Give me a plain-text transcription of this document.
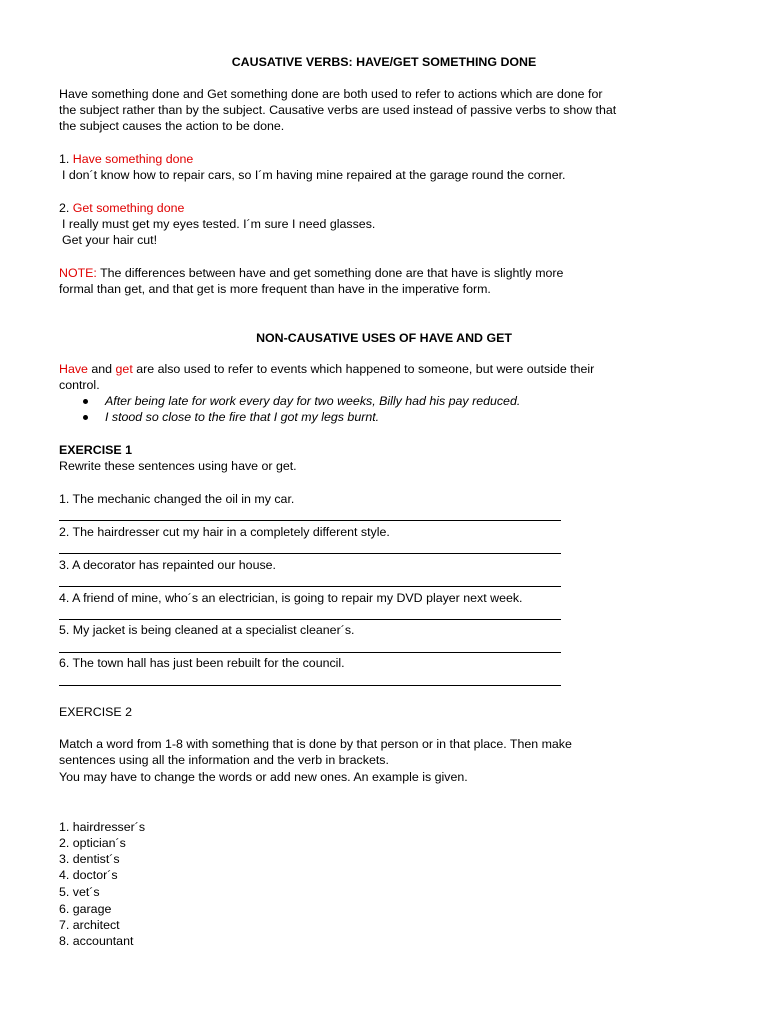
CAUSATIVE VERBS: HAVE/GET SOMETHING DONE
Have something done and Get something done are both used to refer to actions which are done for
the subject rather than by the subject. Causative verbs are used instead of passive verbs to show that
the subject causes the action to be done.
1. Have something done
I don´t know how to repair cars, so I´m having mine repaired at the garage round the corner.
2. Get something done
I really must get my eyes tested. I´m sure I need glasses.
Get your hair cut!
NOTE: The differences between have and get something done are that have is slightly more
formal than get, and that get is more frequent than have in the imperative form.
NON-CAUSATIVE USES OF HAVE AND GET
Have and get are also used to refer to events which happened to someone, but were outside their
control.
After being late for work every day for two weeks, Billy had his pay reduced.
I stood so close to the fire that I got my legs burnt.
EXERCISE 1
Rewrite these sentences using have or get.
1. The mechanic changed the oil in my car.
2. The hairdresser cut my hair in a completely different style.
3. A decorator has repainted our house.
4. A friend of mine, who´s an electrician, is going to repair my DVD player next week.
5. My jacket is being cleaned at a specialist cleaner´s.
6. The town hall has just been rebuilt for the council.
EXERCISE 2
Match a word from 1-8 with something that is done by that person or in that place. Then make
sentences using all the information and the verb in brackets.
You may have to change the words or add new ones. An example is given.
1. hairdresser´s
2. optician´s
3. dentist´s
4. doctor´s
5. vet´s
6. garage
7. architect
8. accountant
